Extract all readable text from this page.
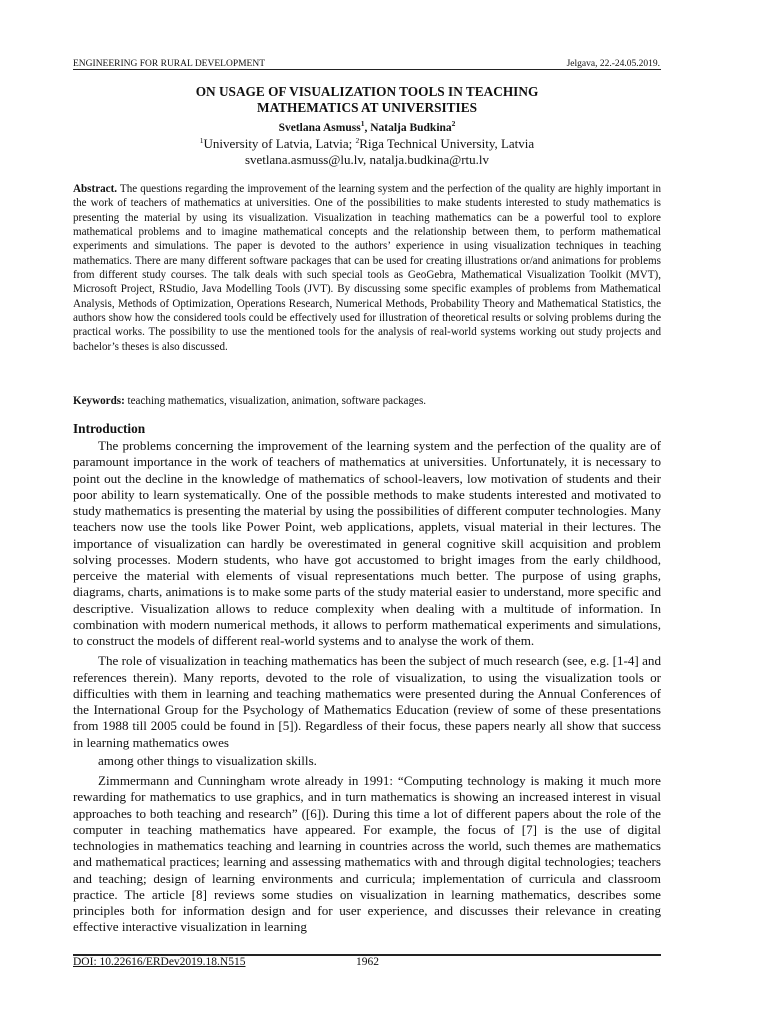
ENGINEERING FOR RURAL DEVELOPMENT	Jelgava, 22.-24.05.2019.
ON USAGE OF VISUALIZATION TOOLS IN TEACHING
MATHEMATICS AT UNIVERSITIES
Svetlana Asmuss$^1$, Natalja Budkina$^2$
$^1$University of Latvia, Latvia; $^2$Riga Technical University, Latvia
svetlana.asmuss@lu.lv, natalja.budkina@rtu.lv

Abstract. The questions regarding the improvement of the learning system and the perfection of the quality are highly important in the work of teachers of mathematics at universities. One of the possibilities to make students interested to study mathematics is presenting the material by using its visualization. Visualization in teaching mathematics can be a powerful tool to explore mathematical problems and to imagine mathematical concepts and the relationship between them, to perform mathematical experiments and simulations. The paper is devoted to the authors’ experience in using visualization techniques in teaching mathematics. There are many different software packages that can be used for creating illustrations or/and animations for problems from different study courses. The talk deals with such special tools as GeoGebra, Mathematical Visualization Toolkit (MVT), Microsoft Project, RStudio, Java Modelling Tools (JVT). By discussing some specific examples of problems from Mathematical Analysis, Methods of Optimization, Operations Research, Numerical Methods, Probability Theory and Mathematical Statistics, the authors show how the considered tools could be effectively used for illustration of theoretical results or solving problems during the practical works. The possibility to use the mentioned tools for the analysis of real-world systems working out study projects and bachelor’s theses is also discussed.

Keywords: teaching mathematics, visualization, animation, software packages.

Introduction

The problems concerning the improvement of the learning system and the perfection of the quality are of paramount importance in the work of teachers of mathematics at universities. Unfortunately, it is necessary to point out the decline in the knowledge of mathematics of school-leavers, low motivation of students and their poor ability to learn systematically. One of the possible methods to make students interested and motivated to study mathematics is presenting the material by using the possibilities of different computer technologies. Many teachers now use the tools like Power Point, web applications, applets, visual material in their lectures. The importance of visualization can hardly be overestimated in general cognitive skill acquisition and problem solving processes. Modern students, who have got accustomed to bright images from the early childhood, perceive the material with elements of visual representations much better. The purpose of using graphs, diagrams, charts, animations is to make some parts of the study material easier to understand, more specific and descriptive. Visualization allows to reduce complexity when dealing with a multitude of information. In combination with modern numerical methods, it allows to perform mathematical experiments and simulations, to construct the models of different real-world systems and to analyse the work of them.

The role of visualization in teaching mathematics has been the subject of much research (see, e.g. [1-4] and references therein). Many reports, devoted to the role of visualization, to using the visualization tools or difficulties with them in learning and teaching mathematics were presented during the Annual Conferences of the International Group for the Psychology of Mathematics Education (review of some of these presentations from 1988 till 2005 could be found in [5]). Regardless of their focus, these papers nearly all show that success in learning mathematics owes

among other things to visualization skills.

Zimmermann and Cunningham wrote already in 1991: “Computing technology is making it much more rewarding for mathematics to use graphics, and in turn mathematics is showing an increased interest in visual approaches to both teaching and research” ([6]). During this time a lot of different papers about the role of the computer in teaching mathematics have appeared. For example, the focus of [7] is the use of digital technologies in mathematics teaching and learning in countries across the world, such themes are mathematics and mathematical practices; learning and assessing mathematics with and through digital technologies; teachers and teaching; design of learning environments and curricula; implementation of curricula and classroom practice. The article [8] reviews some studies on visualization in learning mathematics, describes some principles both for information design and for user experience, and discusses their relevance in creating effective interactive visualization in learning

DOI: 10.22616/ERDev2019.18.N515	1962
